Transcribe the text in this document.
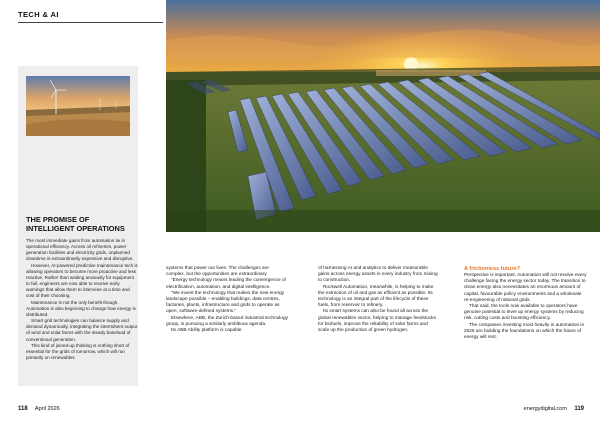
TECH & AI
THE PROMISE OF INTELLIGENT OPERATIONS

The most immediate gains from automation lie in operational efficiency. Across oil refineries, power generation facilities and electricity grids, unplanned downtime is extraordinarily expensive and disruptive.

However, AI-powered predictive maintenance tech is allowing operators to become more proactive and less reactive. Rather than waiting anxiously for equipment to fail, engineers are now able to receive early warnings that allow them to intervene at a time and cost of their choosing.

Maintenance is not the only benefit though. Automation is also beginning to change how energy is distributed.

Smart grid technologies can balance supply and demand dynamically, integrating the intermittent output of wind and solar farms with the steady baseload of conventional generation.

This kind of joined-up thinking is nothing short of essential for the grids of tomorrow, which will run primarily on renewables.

systems that power our lives. The challenges are complex, but the opportunities are extraordinary.

“Energy technology means leading the convergence of electrification, automation, and digital intelligence.

“We invent the technology that makes the new energy landscape possible – enabling buildings, data centres, factories, plants, infrastructure and grids to operate as open, software-defined systems.”

Elsewhere, ABB, the Zurich-based industrial technology group, is pursuing a similarly ambitious agenda.

Its ABB Ability platform is capable

of harnessing AI and analytics to deliver measurable gains across energy assets in every industry from mining to construction.

Rockwell Automation, meanwhile, is helping to make the extraction of oil and gas as efficient as possible. Its technology is an integral part of the lifecycle of these fuels, from reservoir to refinery.

Its smart systems can also be found all across the global renewables sector, helping to manage feedstocks for biofuels, improve the reliability of solar farms and scale up the production of green hydrogen.

A frictionless future?

Perspective is important. Automation will not resolve every challenge facing the energy sector today. The transition to clean energy also necessitates an enormous amount of capital, favourable policy environments and a wholesale re-engineering of national grids.

That said, the tools now available to operators have genuine potential to level up energy systems by reducing risk, cutting costs and boosting efficiency.

The companies investing most heavily in automation in 2026 are building the foundations on which the future of energy will rest.

118 April 2026	energydigital.com 119
